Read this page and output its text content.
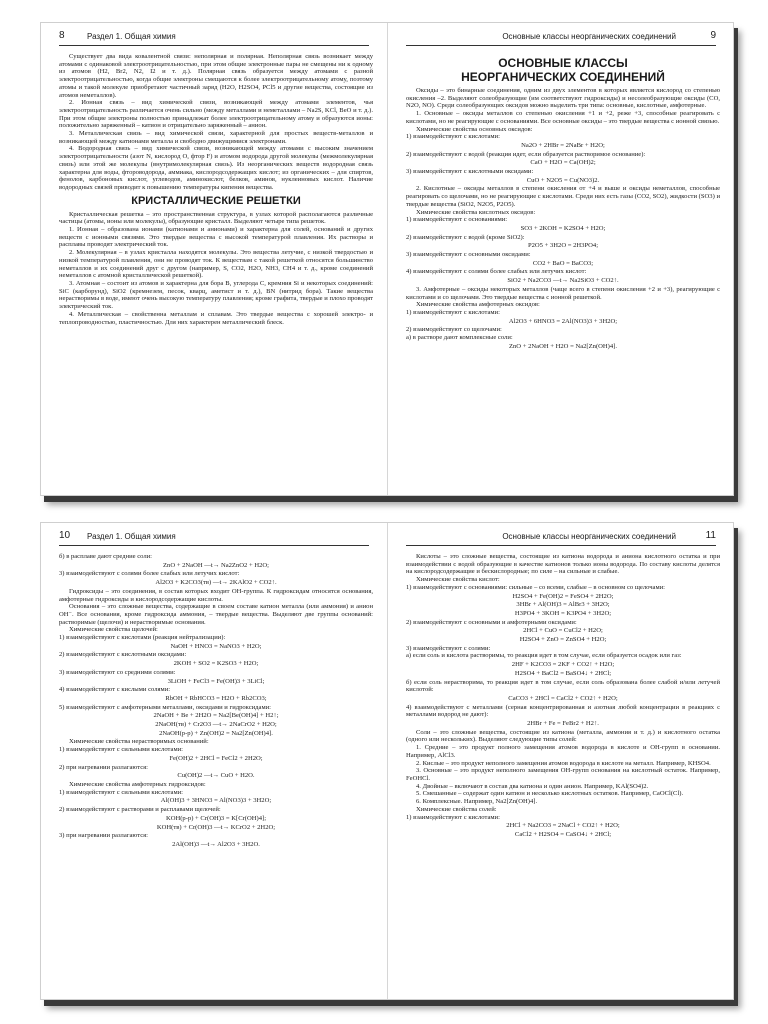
8	Раздел 1. Общая химия

Существует два вида ковалентной связи: неполярная и полярная. Неполярная связь возникает между атомами с одинаковой электроотрицательностью, при этом общие электронные пары не смещены ни к одному из атомов (H2, Br2, N2, I2 и т. д.). Полярная связь образуется между атомами с разной электроотрицательностью, когда общие электроны смещаются к более электроотрицательному атому, поэтому атомы и такой молекуле приобретают частичный заряд (H2O, H2SO4, PCl5 и другие вещества, состоящие из атомов неметаллов).

2. Ионная связь – вид химической связи, возникающей между атомами элементов, чья электроотрицательность различается очень сильно (между металлами и неметаллами – Na2S, KCl, BeO и т. д.). При этом общие электроны полностью принадлежат более электроотрицательному атому и образуются ионы: положительно заряженный – катион и отрицательно заряженный – анион.

3. Металлическая связь – вид химической связи, характерной для простых веществ-металлов и возникающей между катионами металла и свободно движущимися электронами.

4. Водородная связь – вид химической связи, возникающей между атомами с высоким значением электроотрицательности (азот N, кислород O, фтор F) и атомом водорода другой молекулы (межмолекулярная связь) или этой же молекулы (внутримолекулярная связь). Из неорганических веществ водородная связь характерна для воды, фтороводорода, аммиака, кислородсодержащих кислот; из органических – для спиртов, фенолов, карбоновых кислот, углеводов, аминокислот, белков, аминов, нуклеиновых кислот. Наличие водородных связей приводит к повышению температуры кипения вещества.

КРИСТАЛЛИЧЕСКИЕ РЕШЕТКИ

Кристаллическая решетка – это пространственная структура, в узлах которой располагаются различные частицы (атомы, ионы или молекулы), образующие кристалл. Выделяют четыре типа решеток.

1. Ионная – образована ионами (катионами и анионами) и характерна для солей, оснований и других веществ с ионными связями. Это твердые вещества с высокой температурой плавления. Их растворы и расплавы проводят электрический ток.

2. Молекулярная – в узлах кристалла находятся молекулы. Это вещества летучие, с низкой твердостью и низкой температурой плавления, они не проводят ток. К веществам с такой решеткой относятся большинство неметаллов и их соединений друг с другом (например, S, CO2, H2O, NH3, CH4 и т. д., кроме соединений неметаллов с атомной кристаллической решеткой).

3. Атомная – состоит из атомов и характерна для бора B, углерода C, кремния Si и некоторых соединений: SiC (карборунд), SiO2 (кремнезем, песок, кварц, аметист и т. д.), BN (нитрид бора). Такие вещества нерастворимы в воде, имеют очень высокую температуру плавления; кроме графита, твердые и плохо проводят электрический ток.

4. Металлическая – свойственна металлам и сплавам. Это твердые вещества с хорошей электро- и теплопроводностью, пластичностью. Для них характерен металлический блеск.

Основные классы неорганических соединений	9
ОСНОВНЫЕ КЛАССЫ
НЕОРГАНИЧЕСКИХ СОЕДИНЕНИЙ

Оксиды – это бинарные соединения, одним из двух элементов в которых является кислород со степенью окисления –2. Выделяют солеобразующие (им соответствуют гидроксиды) и несолеобразующие оксиды (CO, N2O, NO). Среди солеобразующих оксидов можно выделить три типа: основные, кислотные, амфотерные.

1. Основные – оксиды металлов со степенью окисления +1 и +2, реже +3, способные реагировать с кислотами, но не реагирующие с основаниями. Все основные оксиды – это твердые вещества с ионной связью.

Химические свойства основных оксидов:

1) взаимодействуют с кислотами:

Na2O + 2HBr = 2NaBr + H2O;

2) взаимодействуют с водой (реакция идет, если образуется растворимое основание):

CaO + H2O = Ca(OH)2;

3) взаимодействуют с кислотными оксидами:

CuO + N2O5 = Cu(NO3)2.

2. Кислотные – оксиды металлов в степени окисления от +4 и выше и оксиды неметаллов, способные реагировать со щелочами, но не реагирующие с кислотами. Среди них есть газы (CO2, SO2), жидкости (SO3) и твердые вещества (SiO2, N2O5, P2O5).

Химические свойства кислотных оксидов:

1) взаимодействуют с основаниями:

SO3 + 2KOH = K2SO4 + H2O;

2) взаимодействуют с водой (кроме SiO2):

P2O5 + 3H2O = 2H3PO4;

3) взаимодействуют с основными оксидами:

CO2 + BaO = BaCO3;

4) взаимодействуют с солями более слабых или летучих кислот:

SiO2 + Na2CO3 —t→ Na2SiO3 + CO2↑.

3. Амфотерные – оксиды некоторых металлов (чаще всего в степени окисления +2 и +3), реагирующие с кислотами и со щелочами. Это твердые вещества с ионной решеткой.

Химические свойства амфотерных оксидов:

1) взаимодействуют с кислотами:

Al2O3 + 6HNO3 = 2Al(NO3)3 + 3H2O;

2) взаимодействуют со щелочами:

а) в растворе дают комплексные соли:

ZnO + 2NaOH + H2O = Na2[Zn(OH)4].
10 Раздел 1. Общая химия

б) в расплаве дают средние соли:

ZnO + 2NaOH —t→ Na2ZnO2 + H2O;

3) взаимодействуют с солями более слабых или летучих кислот:

Al2O3 + K2CO3(тв) —t→ 2KAlO2 + CO2↑.

Гидроксиды – это соединения, в состав которых входит OH-группа. К гидроксидам относятся основания, амфотерные гидроксиды и кислородсодержащие кислоты.

Основания – это сложные вещества, содержащие в своем составе катион металла (или аммония) и анион OH⁻. Все основания, кроме гидроксида аммония, – твердые вещества. Выделяют две группы оснований: растворимые (щелочи) и нерастворимые основания.

Химические свойства щелочей:

1) взаимодействуют с кислотами (реакция нейтрализации):

NaOH + HNO3 = NaNO3 + H2O;

2) взаимодействуют с кислотными оксидами:

2KOH + SO2 = K2SO3 + H2O;

3) взаимодействуют со средними солями:

3LiOH + FeCl3 = Fe(OH)3 + 3LiCl;

4) взаимодействуют с кислыми солями:

RbOH + RbHCO3 = H2O + Rb2CO3;

5) взаимодействуют с амфотерными металлами, оксидами и гидроксидами:

2NaOH + Be + 2H2O = Na2[Be(OH)4] + H2↑;
2NaOH(тв) + Cr2O3 —t→ 2NaCrO2 + H2O;
2NaOH(р-р) + Zn(OH)2 = Na2[Zn(OH)4].

Химические свойства нерастворимых оснований:

1) взаимодействуют с сильными кислотами:

Fe(OH)2 + 2HCl = FeCl2 + 2H2O;

2) при нагревании разлагаются:

Cu(OH)2 —t→ CuO + H2O.

Химические свойства амфотерных гидроксидов:

1) взаимодействуют с сильными кислотами:

Al(OH)3 + 3HNO3 = Al(NO3)3 + 3H2O;

2) взаимодействуют с растворами и расплавами щелочей:

KOH(р-р) + Cr(OH)3 = K[Cr(OH)4];
KOH(тв) + Cr(OH)3 —t→ KCrO2 + 2H2O;

3) при нагревании разлагаются:

2Al(OH)3 —t→ Al2O3 + 3H2O.
Основные классы неорганических соединений	11

Кислоты – это сложные вещества, состоящие из катиона водорода и аниона кислотного остатка и при взаимодействии с водой образующие в качестве катионов только ионы водорода. По составу кислоты делятся на кислородсодержащие и бескислородные; по силе – на сильные и слабые.

Химические свойства кислот:

1) взаимодействуют с основаниями: сильные – со всеми, слабые – в основном со щелочами:

H2SO4 + Fe(OH)2 = FeSO4 + 2H2O;
3HBr + Al(OH)3 = AlBr3 + 3H2O;
H3PO4 + 3KOH = K3PO4 + 3H2O;

2) взаимодействуют с основными и амфотерными оксидами:

2HCl + CuO = CuCl2 + H2O;
H2SO4 + ZnO = ZnSO4 + H2O;

3) взаимодействуют с солями:

а) если соль и кислота растворимы, то реакция идет в том случае, если образуется осадок или газ:

2HF + K2CO3 = 2KF + CO2↑ + H2O;
H2SO4 + BaCl2 = BaSO4↓ + 2HCl;

б) если соль нерастворима, то реакция идет в том случае, если соль образована более слабой и/или летучей кислотой:

CaCO3 + 2HCl = CaCl2 + CO2↑ + H2O;

4) взаимодействуют с металлами (серная концентрированная и азотная любой концентрации в реакциях с металлами водород не дают):

2HBr + Fe = FeBr2 + H2↑.

Соли – это сложные вещества, состоящие из катиона (металла, аммония и т. д.) и кислотного остатка (одного или нескольких). Выделяют следующие типы солей:

1. Средние – это продукт полного замещения атомов водорода в кислоте и OH-групп в основании. Например, AlCl3.

2. Кислые – это продукт неполного замещения атомов водорода в кислоте на металл. Например, KHSO4.

3. Основные – это продукт неполного замещения OH-групп основания на кислотный остаток. Например, FeOHCl.

4. Двойные – включают в состав два катиона и один анион. Например, KAl(SO4)2.

5. Смешанные – содержат один катион и несколько кислотных остатков. Например, CaOCl(Cl).

6. Комплексные. Например, Na2[Zn(OH)4].

Химические свойства солей:

1) взаимодействуют с кислотами:

2HCl + Na2CO3 = 2NaCl + CO2↑ + H2O;
CaCl2 + H2SO4 = CaSO4↓ + 2HCl;
